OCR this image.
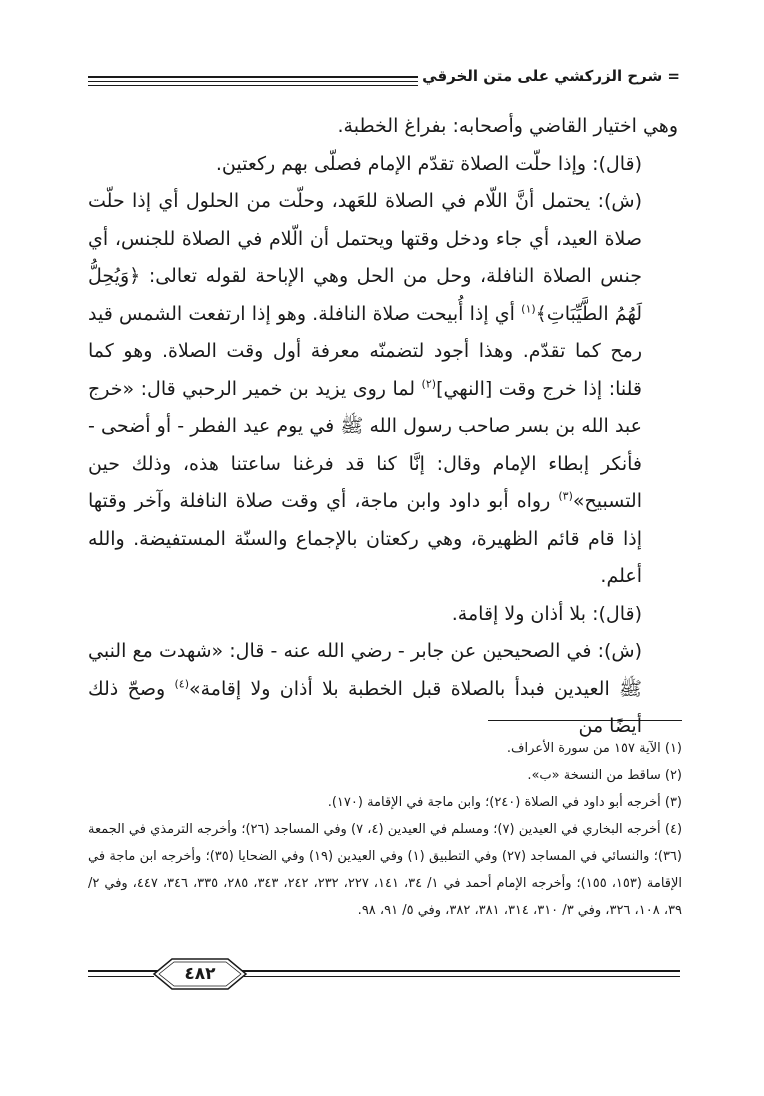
= شرح الزركشي على متن الخرقي

وهي اختيار القاضي وأصحابه: بفراغ الخطبة.

(قال): وإذا حلّت الصلاة تقدّم الإمام فصلّى بهم ركعتين.

(ش): يحتمل أنَّ اللّام في الصلاة للعَهد، وحلّت من الحلول أي إذا حلّت صلاة العيد، أي جاء ودخل وقتها ويحتمل أن الّلام في الصلاة للجنس، أي جنس الصلاة النافلة، وحل من الحل وهي الإباحة لقوله تعالى: ﴿وَيُحِلُّ لَهُمُ الطَّيِّبَاتِ﴾$^{(١)}$ أي إذا أُبيحت صلاة النافلة. وهو إذا ارتفعت الشمس قيد رمح كما تقدّم. وهذا أجود لتضمنّه معرفة أول وقت الصلاة. وهو كما قلنا: إذا خرج وقت [النهي]$^{(٢)}$ لما روى يزيد بن خمير الرحبي قال: «خرج عبد الله بن بسر صاحب رسول الله ﷺ في يوم عيد الفطر - أو أضحى - فأنكر إبطاء الإمام وقال: إنَّا كنا قد فرغنا ساعتنا هذه، وذلك حين التسبيح»$^{(٣)}$ رواه أبو داود وابن ماجة، أي وقت صلاة النافلة وآخر وقتها إذا قام قائم الظهيرة، وهي ركعتان بالإجماع والسنّة المستفيضة. والله أعلم.

(قال): بلا أذان ولا إقامة.

(ش): في الصحيحين عن جابر - رضي الله عنه - قال: «شهدت مع النبي ﷺ العيدين فبدأ بالصلاة قبل الخطبة بلا أذان ولا إقامة»$^{(٤)}$ وصحّ ذلك أيضًا من

(١) الآية ١٥٧ من سورة الأعراف.

(٢) ساقط من النسخة «ب».

(٣) أخرجه أبو داود في الصلاة (٢٤٠)؛ وابن ماجة في الإقامة (١٧٠).

(٤) أخرجه البخاري في العيدين (٧)؛ ومسلم في العيدين (٤، ٧) وفي المساجد (٢٦)؛ وأخرجه الترمذي في الجمعة (٣٦)؛ والنسائي في المساجد (٢٧) وفي التطبيق (١) وفي العيدين (١٩) وفي الضحايا (٣٥)؛ وأخرجه ابن ماجة في الإقامة (١٥٣، ١٥٥)؛ وأخرجه الإمام أحمد في ١/ ٣٤، ١٤١، ٢٢٧، ٢٣٢، ٢٤٢، ٣٤٣، ٢٨٥، ٣٣٥، ٣٤٦، ٤٤٧، وفي ٢/ ٣٩، ١٠٨، ٣٢٦، وفي ٣/ ٣١٠، ٣١٤، ٣٨١، ٣٨٢، وفي ٥/ ٩١، ٩٨.

٤٨٢
